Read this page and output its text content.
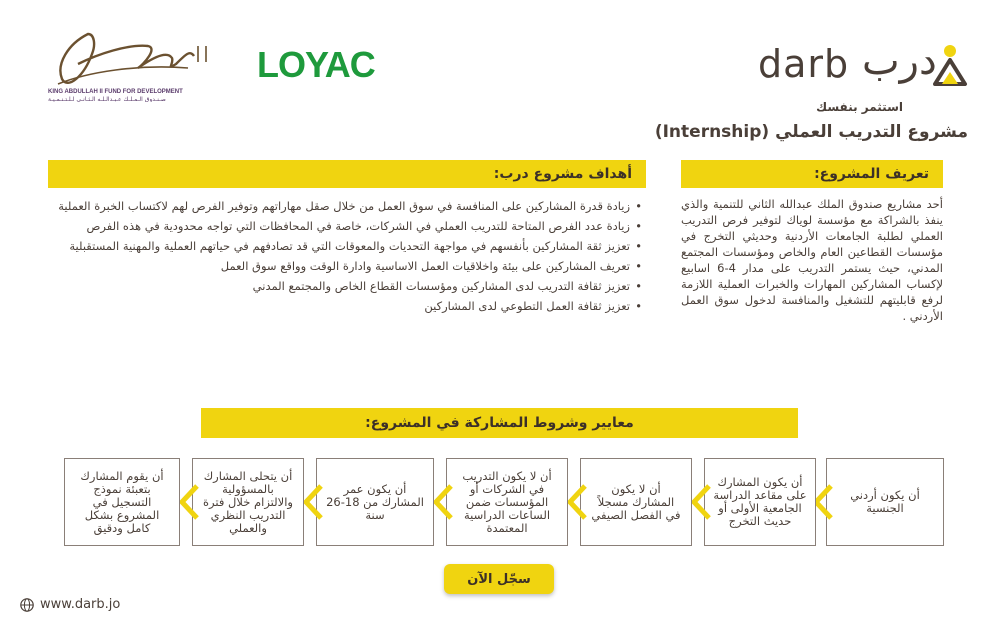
KING ABDULLAH II FUND FOR DEVELOPMENT
صـنـدوق الـمـلـك عـبـدالـلـه الـثـانـي لـلـتـنـمـيـة
LOYAC	darb درب
استثمر بنفسك
مشروع التدريب العملي (Internship)
تعريف المشروع:
أحد مشاريع صندوق الملك عبدالله الثاني للتنمية والذي ينفذ بالشراكة مع مؤسسة لوياك لتوفير فرص التدريب العملي لطلبة الجامعات الأردنية وحديثي التخرج في مؤسسات القطاعين العام والخاص ومؤسسات المجتمع المدني، حيث يستمر التدريب على مدار 4-6 اسابيع لإكساب المشاركين المهارات والخبرات العملية اللازمة لرفع قابليتهم للتشغيل والمنافسة لدخول سوق العمل الأردني .
أهداف مشروع درب:
• زيادة قدرة المشاركين على المنافسة في سوق العمل من خلال صقل مهاراتهم وتوفير الفرص لهم لاكتساب الخبرة العملية
• زيادة عدد الفرص المتاحة للتدريب العملي في الشركات، خاصة في المحافظات التي تواجه محدودية في هذه الفرص
• تعزيز ثقة المشاركين بأنفسهم في مواجهة التحديات والمعوقات التي قد تصادفهم في حياتهم العملية والمهنية المستقبلية
• تعريف المشاركين على بيئة واخلاقيات العمل الاساسية وادارة الوقت وواقع سوق العمل
• تعزيز ثقافة التدريب لدى المشاركين ومؤسسات القطاع الخاص والمجتمع المدني
• تعزيز ثقافة العمل التطوعي لدى المشاركين
معايير وشروط المشاركة في المشروع:
أن يكون أردني الجنسية
أن يكون المشارك على مقاعد الدراسة الجامعية الأولى أو حديث التخرج
أن لا يكون المشارك مسجلاً في الفصل الصيفي
أن لا يكون التدريب في الشركات أو المؤسسات ضمن الساعات الدراسية المعتمدة
أن يكون عمر المشارك من 18-26 سنة
أن يتحلى المشارك بالمسؤولية والالتزام خلال فترة التدريب النظري والعملي
أن يقوم المشارك بتعبئة نموذج التسجيل في المشروع بشكل كامل ودقيق
سجّل الآن
www.darb.jo
